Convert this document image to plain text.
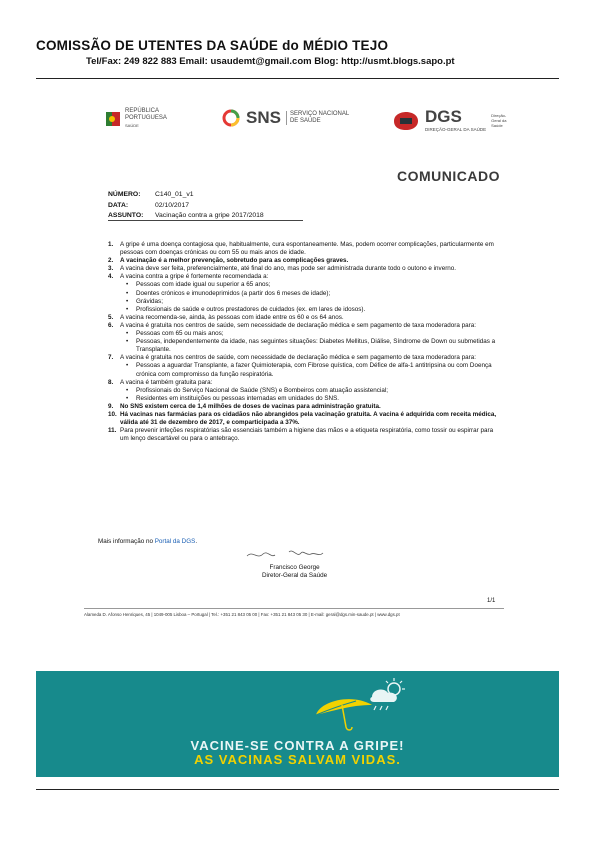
COMISSÃO DE UTENTES DA SAÚDE do MÉDIO TEJO
Tel/Fax: 249 822 883 Email: usaudemt@gmail.com Blog: http://usmt.blogs.sapo.pt
REPÚBLICA
PORTUGUESA
SAÚDE	SNS SERVIÇO NACIONAL
DE SAÚDE	DGS
DIREÇÃO-GERAL DA SAÚDE
Direção-Geral da Saúde
COMUNICADO
NÚMERO: C140_01_v1
DATA:	02/10/2017
ASSUNTO: Vacinação contra a gripe 2017/2018
1.	A gripe é uma doença contagiosa que, habitualmente, cura espontaneamente. Mas, podem ocorrer complicações, particularmente em pessoas com doenças crónicas ou com 55 ou mais anos de idade.
2.	A vacinação é a melhor prevenção, sobretudo para as complicações graves.
3.	A vacina deve ser feita, preferencialmente, até final do ano, mas pode ser administrada durante todo o outono e inverno.
4.	A vacina contra a gripe é fortemente recomendada a:
•	Pessoas com idade igual ou superior a 65 anos;
•	Doentes crónicos e imunodeprimidos (a partir dos 6 meses de idade);
•	Grávidas;
•	Profissionais de saúde e outros prestadores de cuidados (ex. em lares de idosos).
5.	A vacina recomenda-se, ainda, às pessoas com idade entre os 60 e os 64 anos.
6.	A vacina é gratuita nos centros de saúde, sem necessidade de declaração médica e sem pagamento de taxa moderadora para:
•	Pessoas com 65 ou mais anos;
•	Pessoas, independentemente da idade, nas seguintes situações: Diabetes Mellitus, Diálise, Síndrome de Down ou submetidas a Transplante.
7.	A vacina é gratuita nos centros de saúde, com necessidade de declaração médica e sem pagamento de taxa moderadora para:
•	Pessoas a aguardar Transplante, a fazer Quimioterapia, com Fibrose quística, com Défice de alfa-1 antitripsina ou com Doença crónica com compromisso da função respiratória.
8.	A vacina é também gratuita para:
•	Profissionais do Serviço Nacional de Saúde (SNS) e Bombeiros com atuação assistencial;
•	Residentes em instituições ou pessoas internadas em unidades do SNS.
9.	No SNS existem cerca de 1,4 milhões de doses de vacinas para administração gratuita.
10. Há vacinas nas farmácias para os cidadãos não abrangidos pela vacinação gratuita. A vacina é adquirida com receita médica, válida até 31 de dezembro de 2017, e comparticipada a 37%.
11. Para prevenir infeções respiratórias são essenciais também a higiene das mãos e a etiqueta respiratória, como tossir ou espirrar para um lenço descartável ou para o antebraço.
Mais informação no Portal da DGS.
Francisco George
Diretor-Geral da Saúde
1/1
Alameda D. Afonso Henriques, 45 | 1049-005 Lisboa – Portugal | Tel.: +351 21 843 05 00 | Fax: +351 21 843 05 30 | E-mail: geral@dgs.min-saude.pt | www.dgs.pt
VACINE-SE CONTRA A GRIPE!
AS VACINAS SALVAM VIDAS.
